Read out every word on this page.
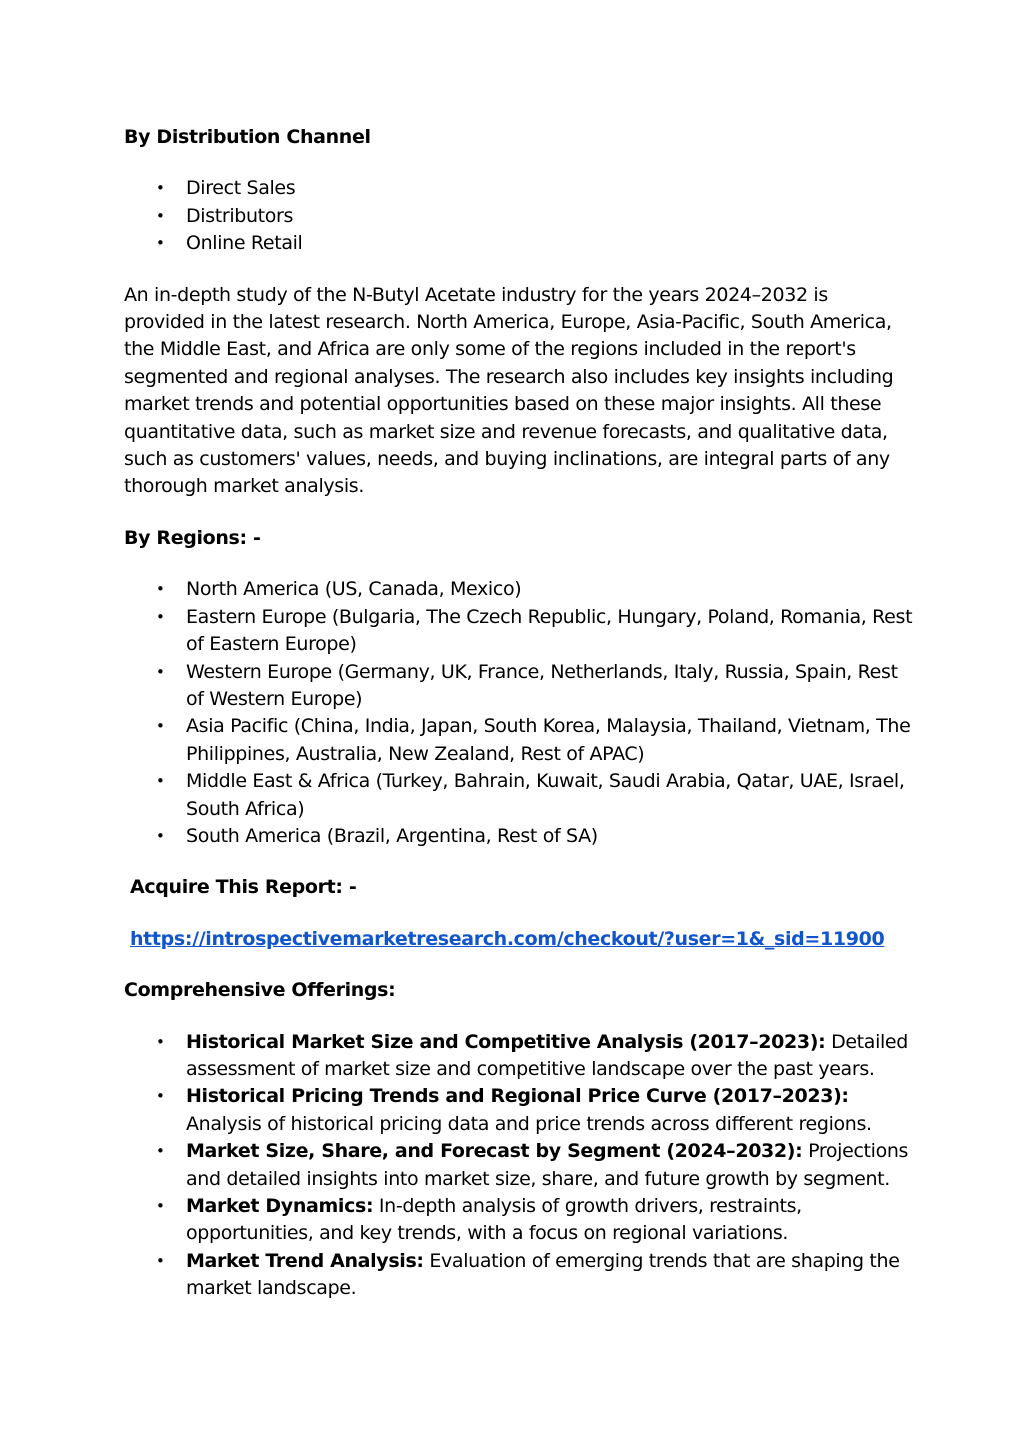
By Distribution Channel

• Direct Sales
• Distributors
• Online Retail

An in-depth study of the N-Butyl Acetate industry for the years 2024–2032 is provided in the latest research. North America, Europe, Asia-Pacific, South America, the Middle East, and Africa are only some of the regions included in the report's segmented and regional analyses. The research also includes key insights including market trends and potential opportunities based on these major insights. All these quantitative data, such as market size and revenue forecasts, and qualitative data, such as customers' values, needs, and buying inclinations, are integral parts of any thorough market analysis.

By Regions: -

• North America (US, Canada, Mexico)
• Eastern Europe (Bulgaria, The Czech Republic, Hungary, Poland, Romania, Rest of Eastern Europe)
• Western Europe (Germany, UK, France, Netherlands, Italy, Russia, Spain, Rest of Western Europe)
• Asia Pacific (China, India, Japan, South Korea, Malaysia, Thailand, Vietnam, The Philippines, Australia, New Zealand, Rest of APAC)
• Middle East & Africa (Turkey, Bahrain, Kuwait, Saudi Arabia, Qatar, UAE, Israel, South Africa)
• South America (Brazil, Argentina, Rest of SA)

Acquire This Report: -

https://introspectivemarketresearch.com/checkout/?user=1&_sid=11900

Comprehensive Offerings:

• Historical Market Size and Competitive Analysis (2017–2023): Detailed assessment of market size and competitive landscape over the past years.
• Historical Pricing Trends and Regional Price Curve (2017–2023): Analysis of historical pricing data and price trends across different regions.
• Market Size, Share, and Forecast by Segment (2024–2032): Projections and detailed insights into market size, share, and future growth by segment.
• Market Dynamics: In-depth analysis of growth drivers, restraints, opportunities, and key trends, with a focus on regional variations.
• Market Trend Analysis: Evaluation of emerging trends that are shaping the market landscape.
